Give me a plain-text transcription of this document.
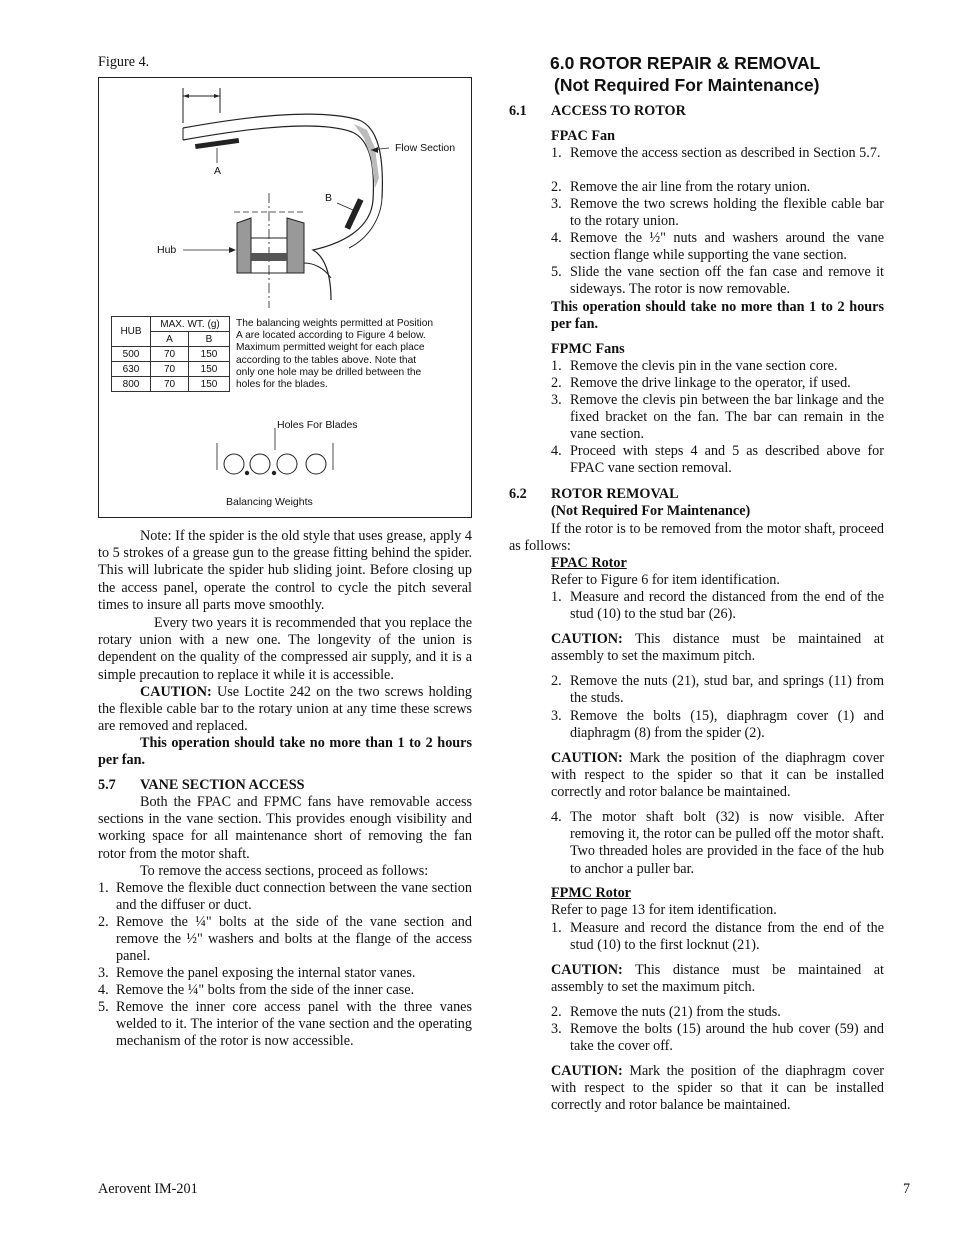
Figure 4.
Flow Section
A
B
Hub
HUB	MAX. WT. (g)	
	A	B
500	70	150
630	70	150
800	70	150
The balancing weights permitted at Position
A are located according to Figure 4 below.
Maximum permitted weight for each place
according to the tables above. Note that
only one hole may be drilled between the
holes for the blades.
Holes For Blades
Balancing Weights
Note: If the spider is the old style that uses grease, apply 4 to 5 strokes of a grease gun to the grease fitting behind the spider. This will lubricate the spider hub sliding joint. Before closing up the access panel, operate the control to cycle the pitch several times to insure all parts move smoothly.
Every two years it is recommended that you replace the rotary union with a new one. The longevity of the union is dependent on the quality of the compressed air supply, and it is a simple precaution to replace it while it is accessible.
CAUTION: Use Loctite 242 on the two screws holding the flexible cable bar to the rotary union at any time these screws are removed and replaced.
This operation should take no more than 1 to 2 hours per fan.
5.7 VANE SECTION ACCESS
Both the FPAC and FPMC fans have removable access sections in the vane section. This provides enough visibility and working space for all maintenance short of removing the fan rotor from the motor shaft.
To remove the access sections, proceed as follows:
1. Remove the flexible duct connection between the vane section and the diffuser or duct.
2. Remove the ¼" bolts at the side of the vane section and remove the ½" washers and bolts at the flange of the access panel.
3. Remove the panel exposing the internal stator vanes.
4. Remove the ¼" bolts from the side of the inner case.
5. Remove the inner core access panel with the three vanes welded to it. The interior of the vane section and the operating mechanism of the rotor is now accessible.
6.0 ROTOR REPAIR & REMOVAL
(Not Required For Maintenance)
6.1 ACCESS TO ROTOR
FPAC Fan
1. Remove the access section as described in Section 5.7.
2. Remove the air line from the rotary union.
3. Remove the two screws holding the flexible cable bar to the rotary union.
4. Remove the ½" nuts and washers around the vane section flange while supporting the vane section.
5. Slide the vane section off the fan case and remove it sideways. The rotor is now removable.
This operation should take no more than 1 to 2 hours per fan.
FPMC Fans
1. Remove the clevis pin in the vane section core.
2. Remove the drive linkage to the operator, if used.
3. Remove the clevis pin between the bar linkage and the fixed bracket on the fan. The bar can remain in the vane section.
4. Proceed with steps 4 and 5 as described above for FPAC vane section removal.
6.2 ROTOR REMOVAL
(Not Required For Maintenance)
If the rotor is to be removed from the motor shaft, proceed as follows:
FPAC Rotor
Refer to Figure 6 for item identification.
1. Measure and record the distanced from the end of the stud (10) to the stud bar (26).
CAUTION: This distance must be maintained at assembly to set the maximum pitch.
2. Remove the nuts (21), stud bar, and springs (11) from the studs.
3. Remove the bolts (15), diaphragm cover (1) and diaphragm (8) from the spider (2).
CAUTION: Mark the position of the diaphragm cover with respect to the spider so that it can be installed correctly and rotor balance be maintained.
4. The motor shaft bolt (32) is now visible. After removing it, the rotor can be pulled off the motor shaft. Two threaded holes are provided in the face of the hub to anchor a puller bar.
FPMC Rotor
Refer to page 13 for item identification.
1. Measure and record the distance from the end of the stud (10) to the first locknut (21).
CAUTION: This distance must be maintained at assembly to set the maximum pitch.
2. Remove the nuts (21) from the studs.
3. Remove the bolts (15) around the hub cover (59) and take the cover off.
CAUTION: Mark the position of the diaphragm cover with respect to the spider so that it can be installed correctly and rotor balance be maintained.
Aerovent IM-201	7
